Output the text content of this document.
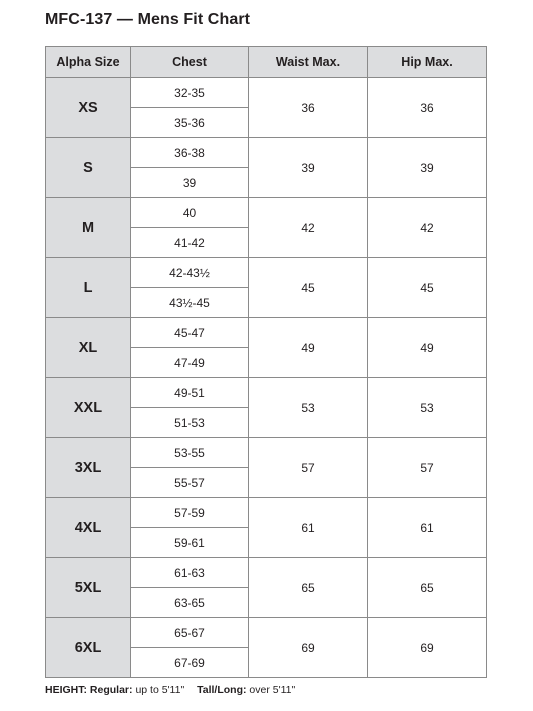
MFC-137 — Mens Fit Chart
Alpha Size	Chest	Waist Max.	Hip Max.
XS	32-35	36	36
	35-36		
S	36-38	39	39
	39		
M	40	42	42
	41-42		
L	42-43½	45	45
	43½-45		
XL	45-47	49	49
	47-49		
XXL	49-51	53	53
	51-53		
3XL	53-55	57	57
	55-57		
4XL	57-59	61	61
	59-61		
5XL	61-63	65	65
	63-65		
6XL	65-67	69	69
	67-69		
HEIGHT: Regular: up to 5'11" Tall/Long: over 5'11"
